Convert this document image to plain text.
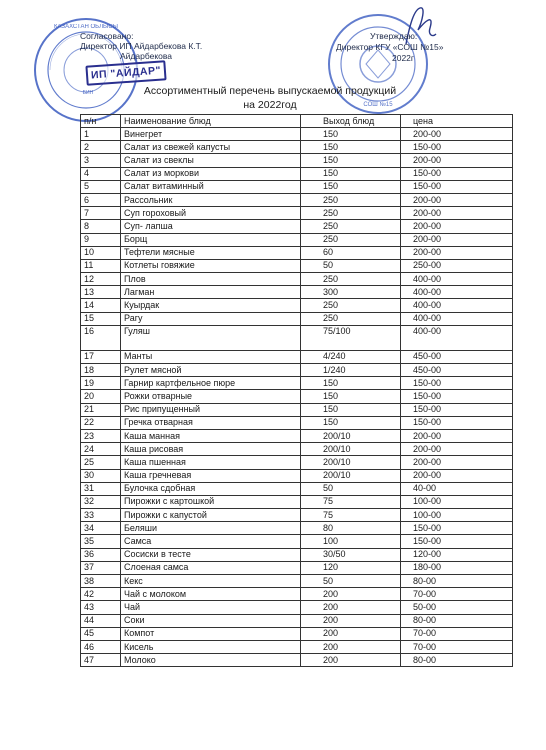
КАЗАХСТАН ОБЛЫСЫ
БИН
СОШ №15
Согласовано:
Директор ИП Айдарбекова К.Т.
Айдарбекова
Утверждаю:
Директор КГУ «СОШ №15»
2022г
ИП "АЙДАР"
Ассортиментный перечень выпускаемой продукций
на 2022год
п/н	Наименование блюд	Выход блюд	цена
1	Винегрет	150	200-00
2	Салат из свежей капусты	150	150-00
3	Салат из свеклы	150	200-00
4	Салат из моркови	150	150-00
5	Салат витаминный	150	150-00
6	Рассольник	250	200-00
7	Суп гороховый	250	200-00
8	Суп- лапша	250	200-00
9	Борщ	250	200-00
10	Тефтели мясные	60	200-00
11	Котлеты говяжие	50	250-00
12	Плов	250	400-00
13	Лагман	300	400-00
14	Куырдак	250	400-00
15	Рагу	250	400-00
16	Гуляш	75/100	400-00
17	Манты	4/240	450-00
18	Рулет мясной	1/240	450-00
19	Гарнир картфельное пюре	150	150-00
20	Рожки отварные	150	150-00
21	Рис припущенный	150	150-00
22	Гречка отварная	150	150-00
23	Каша манная	200/10	200-00
24	Каша рисовая	200/10	200-00
25	Каша пшенная	200/10	200-00
30	Каша гречневая	200/10	200-00
31	Булочка сдобная	50	40-00
32	Пирожки с картошкой	75	100-00
33	Пирожки с капустой	75	100-00
34	Беляши	80	150-00
35	Самса	100	150-00
36	Сосиски в тесте	30/50	120-00
37	Слоеная самса	120	180-00
38	Кекс	50	80-00
42	Чай с молоком	200	70-00
43	Чай	200	50-00
44	Соки	200	80-00
45	Компот	200	70-00
46	Кисель	200	70-00
47	Молоко	200	80-00
